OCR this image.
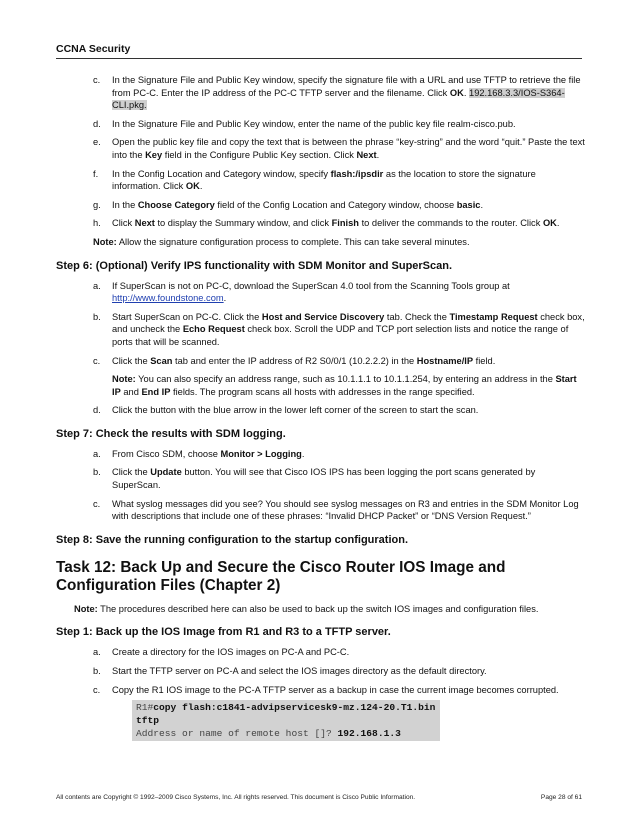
CCNA Security
c. In the Signature File and Public Key window, specify the signature file with a URL and use TFTP to retrieve the file from PC-C. Enter the IP address of the PC-C TFTP server and the filename. Click OK. 192.168.3.3/IOS-S364-CLI.pkg.
d. In the Signature File and Public Key window, enter the name of the public key file realm-cisco.pub.
e. Open the public key file and copy the text that is between the phrase “key-string” and the word “quit.” Paste the text into the Key field in the Configure Public Key section. Click Next.
f. In the Config Location and Category window, specify flash:/ipsdir as the location to store the signature information. Click OK.
g. In the Choose Category field of the Config Location and Category window, choose basic.
h. Click Next to display the Summary window, and click Finish to deliver the commands to the router. Click OK.
Note: Allow the signature configuration process to complete. This can take several minutes.
Step 6: (Optional) Verify IPS functionality with SDM Monitor and SuperScan.
a. If SuperScan is not on PC-C, download the SuperScan 4.0 tool from the Scanning Tools group at http://www.foundstone.com.
b. Start SuperScan on PC-C. Click the Host and Service Discovery tab. Check the Timestamp Request check box, and uncheck the Echo Request check box. Scroll the UDP and TCP port selection lists and notice the range of ports that will be scanned.
c. Click the Scan tab and enter the IP address of R2 S0/0/1 (10.2.2.2) in the Hostname/IP field.
Note: You can also specify an address range, such as 10.1.1.1 to 10.1.1.254, by entering an address in the Start IP and End IP fields. The program scans all hosts with addresses in the range specified.
d. Click the button with the blue arrow in the lower left corner of the screen to start the scan.
Step 7: Check the results with SDM logging.
a. From Cisco SDM, choose Monitor > Logging.
b. Click the Update button. You will see that Cisco IOS IPS has been logging the port scans generated by SuperScan.
c. What syslog messages did you see? You should see syslog messages on R3 and entries in the SDM Monitor Log with descriptions that include one of these phrases: “Invalid DHCP Packet” or “DNS Version Request.”
Step 8: Save the running configuration to the startup configuration.
Task 12: Back Up and Secure the Cisco Router IOS Image and Configuration Files (Chapter 2)
Note: The procedures described here can also be used to back up the switch IOS images and configuration files.
Step 1: Back up the IOS Image from R1 and R3 to a TFTP server.
a. Create a directory for the IOS images on PC-A and PC-C.
b. Start the TFTP server on PC-A and select the IOS images directory as the default directory.
c. Copy the R1 IOS image to the PC-A TFTP server as a backup in case the current image becomes corrupted.
R1#copy flash:c1841-advipservicesk9-mz.124-20.T1.bin tftp
Address or name of remote host []? 192.168.1.3
All contents are Copyright © 1992–2009 Cisco Systems, Inc. All rights reserved. This document is Cisco Public Information.	Page 28 of 61
